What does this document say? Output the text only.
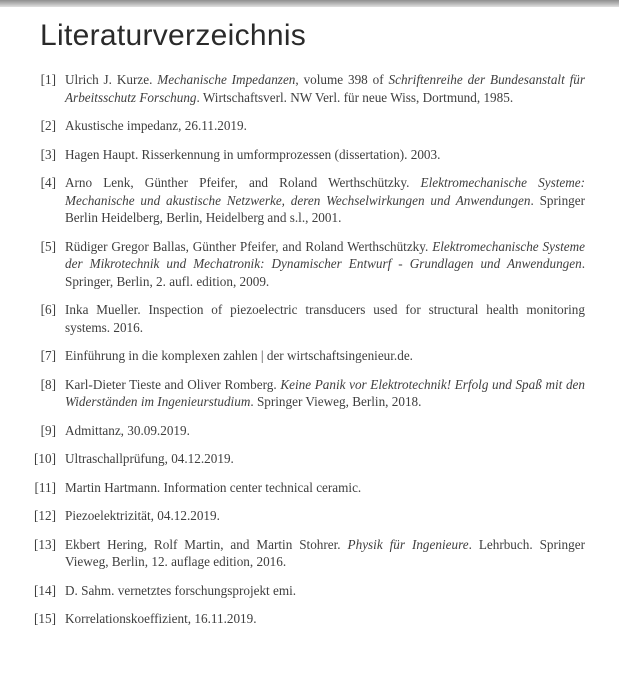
Literaturverzeichnis
[1] Ulrich J. Kurze. Mechanische Impedanzen, volume 398 of Schriftenreihe der Bundesanstalt für Arbeitsschutz Forschung. Wirtschaftsverl. NW Verl. für neue Wiss, Dortmund, 1985.
[2] Akustische impedanz, 26.11.2019.
[3] Hagen Haupt. Risserkennung in umformprozessen (dissertation). 2003.
[4] Arno Lenk, Günther Pfeifer, and Roland Werthschützky. Elektromechanische Systeme: Mechanische und akustische Netzwerke, deren Wechselwirkungen und Anwendungen. Springer Berlin Heidelberg, Berlin, Heidelberg and s.l., 2001.
[5] Rüdiger Gregor Ballas, Günther Pfeifer, and Roland Werthschützky. Elektromechanische Systeme der Mikrotechnik und Mechatronik: Dynamischer Entwurf - Grundlagen und Anwendungen. Springer, Berlin, 2. aufl. edition, 2009.
[6] Inka Mueller. Inspection of piezoelectric transducers used for structural health monitoring systems. 2016.
[7] Einführung in die komplexen zahlen | der wirtschaftsingenieur.de.
[8] Karl-Dieter Tieste and Oliver Romberg. Keine Panik vor Elektrotechnik! Erfolg und Spaß mit den Widerständen im Ingenieurstudium. Springer Vieweg, Berlin, 2018.
[9] Admittanz, 30.09.2019.
[10] Ultraschallprüfung, 04.12.2019.
[11] Martin Hartmann. Information center technical ceramic.
[12] Piezoelektrizität, 04.12.2019.
[13] Ekbert Hering, Rolf Martin, and Martin Stohrer. Physik für Ingenieure. Lehrbuch. Springer Vieweg, Berlin, 12. auflage edition, 2016.
[14] D. Sahm. vernetztes forschungsprojekt emi.
[15] Korrelationskoeffizient, 16.11.2019.
